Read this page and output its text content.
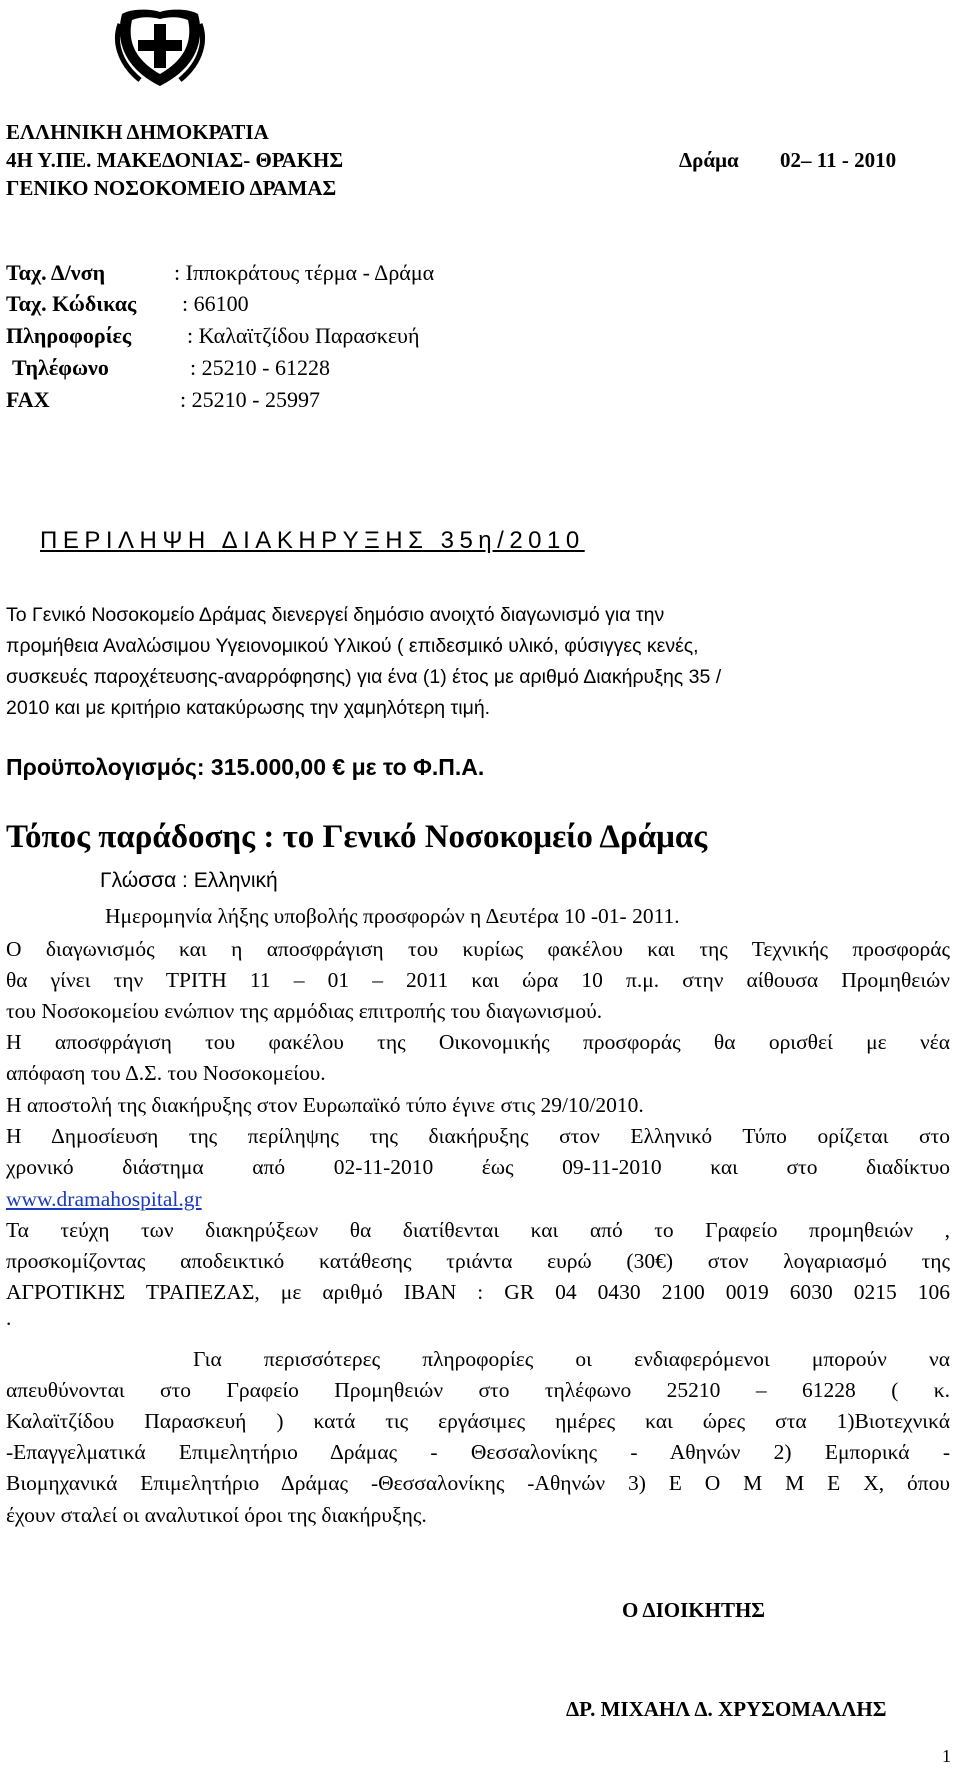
ΕΛΛΗΝΙΚΗ ΔΗΜΟΚΡΑΤΙΑ

4Η Υ.ΠΕ. ΜΑΚΕΔΟΝΙΑΣ- ΘΡΑΚΗΣ

ΓΕΝΙΚΟ ΝΟΣΟΚΟΜΕΙΟ ΔΡΑΜΑΣ

Δράμα 02– 11 - 2010

Ταχ. Δ/νση	: Ιπποκράτους τέρμα - Δράμα

Ταχ. Κώδικας : 66100

Πληροφορίες	: Καλαϊτζίδου Παρασκευή

Τηλέφωνο	: 25210 - 61228

FAX	: 25210 - 25997

ΠΕΡΙΛΗΨΗ ΔΙΑΚΗΡΥΞΗΣ 35η/2010

Το Γενικό Νοσοκομείο Δράμας διενεργεί δημόσιο ανοιχτό διαγωνισμό για την

προμήθεια Αναλώσιμου Υγειονομικού Υλικού ( επιδεσμικό υλικό, φύσιγγες κενές,

συσκευές παροχέτευσης-αναρρόφησης) για ένα (1) έτος με αριθμό Διακήρυξης 35 /

2010 και με κριτήριο κατακύρωσης την χαμηλότερη τιμή.

Προϋπολογισμός: 315.000,00 € με το Φ.Π.Α.

Τόπος παράδοσης : το Γενικό Νοσοκομείο Δράμας

Γλώσσα : Ελληνική

Ημερομηνία λήξης υποβολής προσφορών η Δευτέρα 10 -01- 2011.

Ο διαγωνισμός και η αποσφράγιση του κυρίως φακέλου και της Τεχνικής προσφοράς

θα γίνει την ΤΡΙΤΗ 11 – 01 – 2011 και ώρα 10 π.μ. στην αίθουσα Προμηθειών

του Νοσοκομείου ενώπιον της αρμόδιας επιτροπής του διαγωνισμού.

Η αποσφράγιση του φακέλου της Οικονομικής προσφοράς θα ορισθεί με νέα

απόφαση του Δ.Σ. του Νοσοκομείου.

Η αποστολή της διακήρυξης στον Ευρωπαϊκό τύπο έγινε στις 29/10/2010.

Η Δημοσίευση της περίληψης της διακήρυξης στον Ελληνικό Τύπο ορίζεται στο

χρονικό διάστημα από 02-11-2010 έως 09-11-2010 και στο διαδίκτυο

www.dramahospital.gr

Τα τεύχη των διακηρύξεων θα διατίθενται και από το Γραφείο προμηθειών ,

προσκομίζοντας αποδεικτικό κατάθεσης τριάντα ευρώ (30€) στον λογαριασμό της

ΑΓΡΟΤΙΚΗΣ ΤΡΑΠΕΖΑΣ, με αριθμό ΙΒΑΝ : GR 04 0430 2100 0019 6030 0215 106

.

Για περισσότερες πληροφορίες οι ενδιαφερόμενοι μπορούν να

απευθύνονται στο Γραφείο Προμηθειών στο τηλέφωνο 25210 – 61228 ( κ.

Καλαϊτζίδου Παρασκευή ) κατά τις εργάσιμες ημέρες και ώρες στα 1)Βιοτεχνικά

-Επαγγελματικά Επιμελητήριο Δράμας - Θεσσαλονίκης - Αθηνών 2) Εμπορικά -

Βιομηχανικά Επιμελητήριο Δράμας -Θεσσαλονίκης -Αθηνών 3) Ε Ο Μ Μ Ε Χ, όπου

έχουν σταλεί οι αναλυτικοί όροι της διακήρυξης.

Ο ΔΙΟΙΚΗΤΗΣ

ΔΡ. ΜΙΧΑΗΛ Δ. ΧΡΥΣΟΜΑΛΛΗΣ

1
